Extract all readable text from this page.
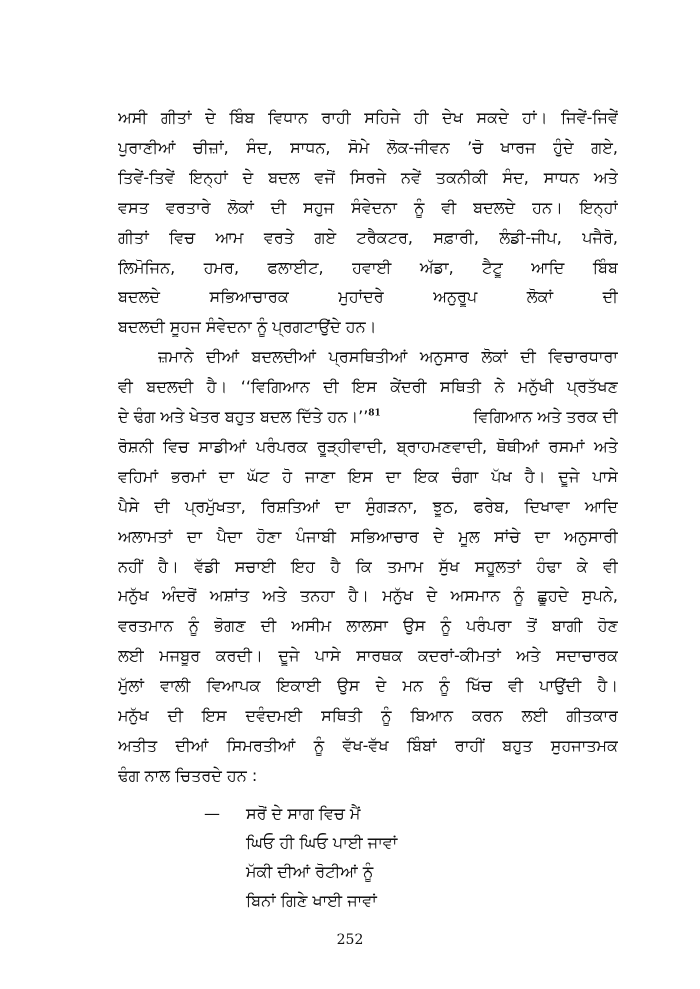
ਅਸੀ ਗੀਤਾਂ ਦੇ ਬਿੰਬ ਵਿਧਾਨ ਰਾਹੀ ਸਹਿਜੇ ਹੀ ਦੇਖ ਸਕਦੇ ਹਾਂ। ਜਿਵੇਂ-ਜਿਵੇਂ
ਪੁਰਾਣੀਆਂ ਚੀਜ਼ਾਂ, ਸੰਦ, ਸਾਧਨ, ਸੋਮੇ ਲੋਕ-ਜੀਵਨ ’ਚੋ ਖਾਰਜ ਹੁੰਦੇ ਗਏ,
ਤਿਵੇਂ-ਤਿਵੇਂ ਇਨ੍ਹਾਂ ਦੇ ਬਦਲ ਵਜੋਂ ਸਿਰਜੇ ਨਵੇਂ ਤਕਨੀਕੀ ਸੰਦ, ਸਾਧਨ ਅਤੇ
ਵਸਤ ਵਰਤਾਰੇ ਲੋਕਾਂ ਦੀ ਸਹੁਜ ਸੰਵੇਦਨਾ ਨੂੰ ਵੀ ਬਦਲਦੇ ਹਨ। ਇਨ੍ਹਾਂ
ਗੀਤਾਂ ਵਿਚ ਆਮ ਵਰਤੇ ਗਏ ਟਰੈਕਟਰ, ਸਫ਼ਾਰੀ, ਲੰਡੀ-ਜੀਪ, ਪਜੈਰੋ,
ਲਿਮੋਜਿਨ, ਹਮਰ, ਫਲਾਈਟ, ਹਵਾਈ ਅੱਡਾ, ਟੈਟੂ ਆਦਿ ਬਿੰਬ
ਬਦਲਦੇ ਸਭਿਆਚਾਰਕ ਮੁਹਾਂਦਰੇ ਅਨੁਰੂਪ ਲੋਕਾਂ ਦੀ
ਬਦਲਦੀ ਸੂਹਜ ਸੰਵੇਦਨਾ ਨੂੰ ਪ੍ਰਗਟਾਉਂਦੇ ਹਨ।
ਜ਼ਮਾਨੇ ਦੀਆਂ ਬਦਲਦੀਆਂ ਪ੍ਰਸਥਿਤੀਆਂ ਅਨੁਸਾਰ ਲੋਕਾਂ ਦੀ ਵਿਚਾਰਧਾਰਾ
ਵੀ ਬਦਲਦੀ ਹੈ। ‘‘ਵਿਗਿਆਨ ਦੀ ਇਸ ਕੇਂਦਰੀ ਸਥਿਤੀ ਨੇ ਮਨੁੱਖੀ ਪ੍ਰਤੱਖਣ
ਦੇ ਢੰਗ ਅਤੇ ਖੇਤਰ ਬਹੁਤ ਬਦਲ ਦਿੱਤੇ ਹਨ।’’$^{81}$	ਵਿਗਿਆਨ ਅਤੇ ਤਰਕ ਦੀ
ਰੋਸ਼ਨੀ ਵਿਚ ਸਾਡੀਆਂ ਪਰੰਪਰਕ ਰੂੜ੍ਹੀਵਾਦੀ, ਬ੍ਰਾਹਮਣਵਾਦੀ, ਥੋਥੀਆਂ ਰਸਮਾਂ ਅਤੇ
ਵਹਿਮਾਂ ਭਰਮਾਂ ਦਾ ਘੱਟ ਹੋ ਜਾਣਾ ਇਸ ਦਾ ਇਕ ਚੰਗਾ ਪੱਖ ਹੈ। ਦੂਜੇ ਪਾਸੇ
ਪੈਸੇ ਦੀ ਪ੍ਰਮੁੱਖਤਾ, ਰਿਸ਼ਤਿਆਂ ਦਾ ਸੁੰਗੜਨਾ, ਝੂਠ, ਫਰੇਬ, ਦਿਖਾਵਾ ਆਦਿ
ਅਲਾਮਤਾਂ ਦਾ ਪੈਦਾ ਹੋਣਾ ਪੰਜਾਬੀ ਸਭਿਆਚਾਰ ਦੇ ਮੂਲ ਸਾਂਚੇ ਦਾ ਅਨੁਸਾਰੀ
ਨਹੀਂ ਹੈ। ਵੱਡੀ ਸਚਾਈ ਇਹ ਹੈ ਕਿ ਤਮਾਮ ਸੁੱਖ ਸਹੂਲਤਾਂ ਹੰਢਾ ਕੇ ਵੀ
ਮਨੁੱਖ ਅੰਦਰੋਂ ਅਸ਼ਾਂਤ ਅਤੇ ਤਨਹਾ ਹੈ। ਮਨੁੱਖ ਦੇ ਅਸਮਾਨ ਨੂੰ ਛੂਹਦੇ ਸੁਪਨੇ,
ਵਰਤਮਾਨ ਨੂੰ ਭੋਗਣ ਦੀ ਅਸੀਮ ਲਾਲਸਾ ਉਸ ਨੂੰ ਪਰੰਪਰਾ ਤੋਂ ਬਾਗੀ ਹੋਣ
ਲਈ ਮਜਬੂਰ ਕਰਦੀ। ਦੂਜੇ ਪਾਸੇ ਸਾਰਥਕ ਕਦਰਾਂ-ਕੀਮਤਾਂ ਅਤੇ ਸਦਾਚਾਰਕ
ਮੁੱਲਾਂ ਵਾਲੀ ਵਿਆਪਕ ਇਕਾਈ ਉਸ ਦੇ ਮਨ ਨੂੰ ਖਿੱਚ ਵੀ ਪਾਉਂਦੀ ਹੈ।
ਮਨੁੱਖ ਦੀ ਇਸ ਦਵੰਦਮਈ ਸਥਿਤੀ ਨੂੰ ਬਿਆਨ ਕਰਨ ਲਈ ਗੀਤਕਾਰ
ਅਤੀਤ ਦੀਆਂ ਸਿਮਰਤੀਆਂ ਨੂੰ ਵੱਖ-ਵੱਖ ਬਿੰਬਾਂ ਰਾਹੀਂ ਬਹੁਤ ਸੁਹਜਾਤਮਕ
ਢੰਗ ਨਾਲ ਚਿਤਰਦੇ ਹਨ :
— ਸਰੋਂ ਦੇ ਸਾਗ ਵਿਚ ਮੈਂ
ਘਿਓ ਹੀ ਘਿਓ ਪਾਈ ਜਾਵਾਂ
ਮੱਕੀ ਦੀਆਂ ਰੋਟੀਆਂ ਨੂੰ
ਬਿਨਾਂ ਗਿਣੇ ਖਾਈ ਜਾਵਾਂ
252
